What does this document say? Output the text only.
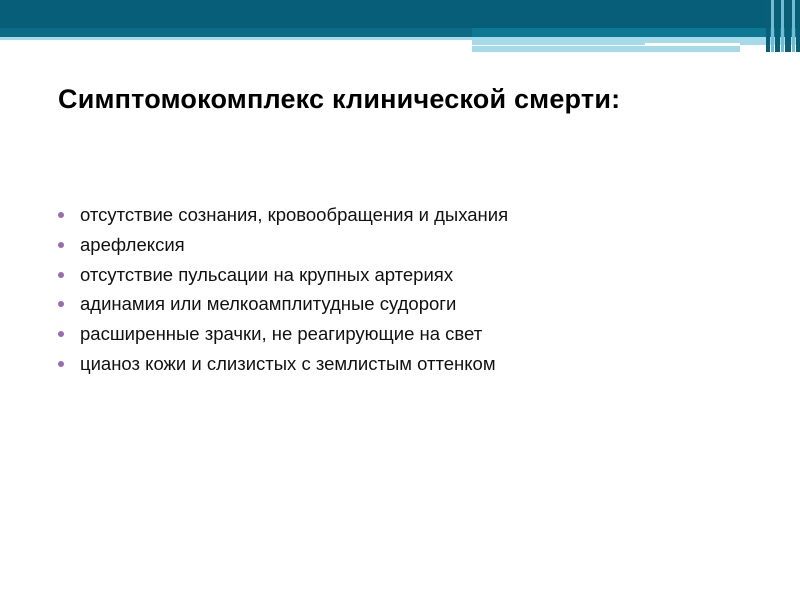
Симптомокомплекс клинической смерти:
отсутствие сознания, кровообращения и дыхания
арефлексия
отсутствие пульсации на крупных артериях
адинамия или мелкоамплитудные судороги
расширенные зрачки, не реагирующие на свет
цианоз кожи и слизистых с землистым оттенком
